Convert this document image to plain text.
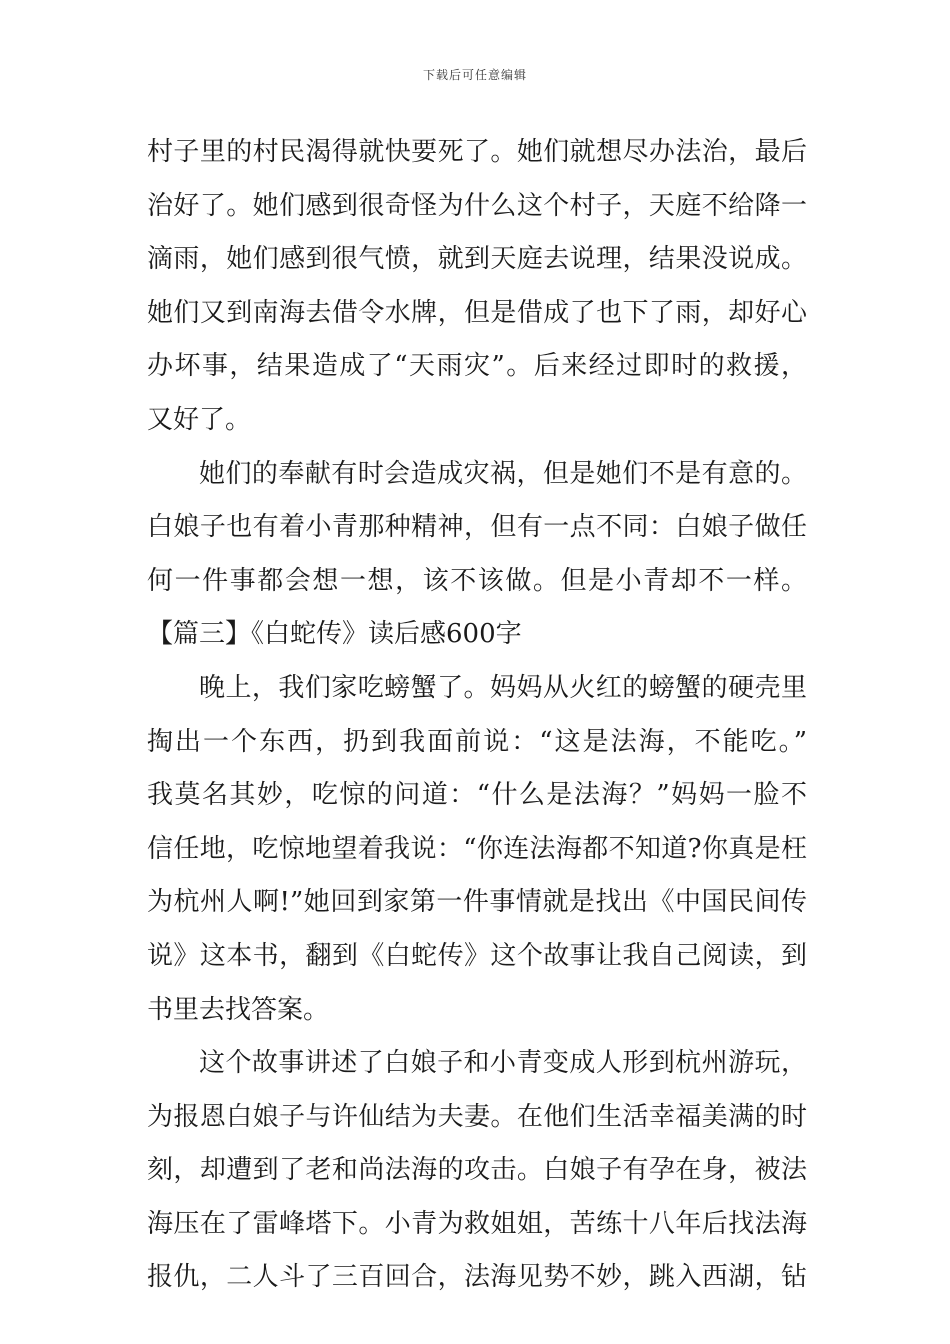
下载后可任意编辑
村子里的村民渴得就快要死了。她们就想尽办法治，最后
治好了。她们感到很奇怪为什么这个村子，天庭不给降一
滴雨，她们感到很气愤，就到天庭去说理，结果没说成。
她们又到南海去借令水牌，但是借成了也下了雨，却好心
办坏事，结果造成了“天雨灾”。后来经过即时的救援，
又好了。
她们的奉献有时会造成灾祸，但是她们不是有意的。
白娘子也有着小青那种精神，但有一点不同：白娘子做任
何一件事都会想一想，该不该做。但是小青却不一样。
【篇三】《白蛇传》读后感600字
晚上，我们家吃螃蟹了。妈妈从火红的螃蟹的硬壳里
掏出一个东西，扔到我面前说：“这是法海，不能吃。”
我莫名其妙，吃惊的问道：“什么是法海？”妈妈一脸不
信任地，吃惊地望着我说：“你连法海都不知道?你真是枉
为杭州人啊!”她回到家第一件事情就是找出《中国民间传
说》这本书，翻到《白蛇传》这个故事让我自己阅读，到
书里去找答案。
这个故事讲述了白娘子和小青变成人形到杭州游玩，
为报恩白娘子与许仙结为夫妻。在他们生活幸福美满的时
刻，却遭到了老和尚法海的攻击。白娘子有孕在身，被法
海压在了雷峰塔下。小青为救姐姐，苦练十八年后找法海
报仇，二人斗了三百回合，法海见势不妙，跳入西湖，钻
